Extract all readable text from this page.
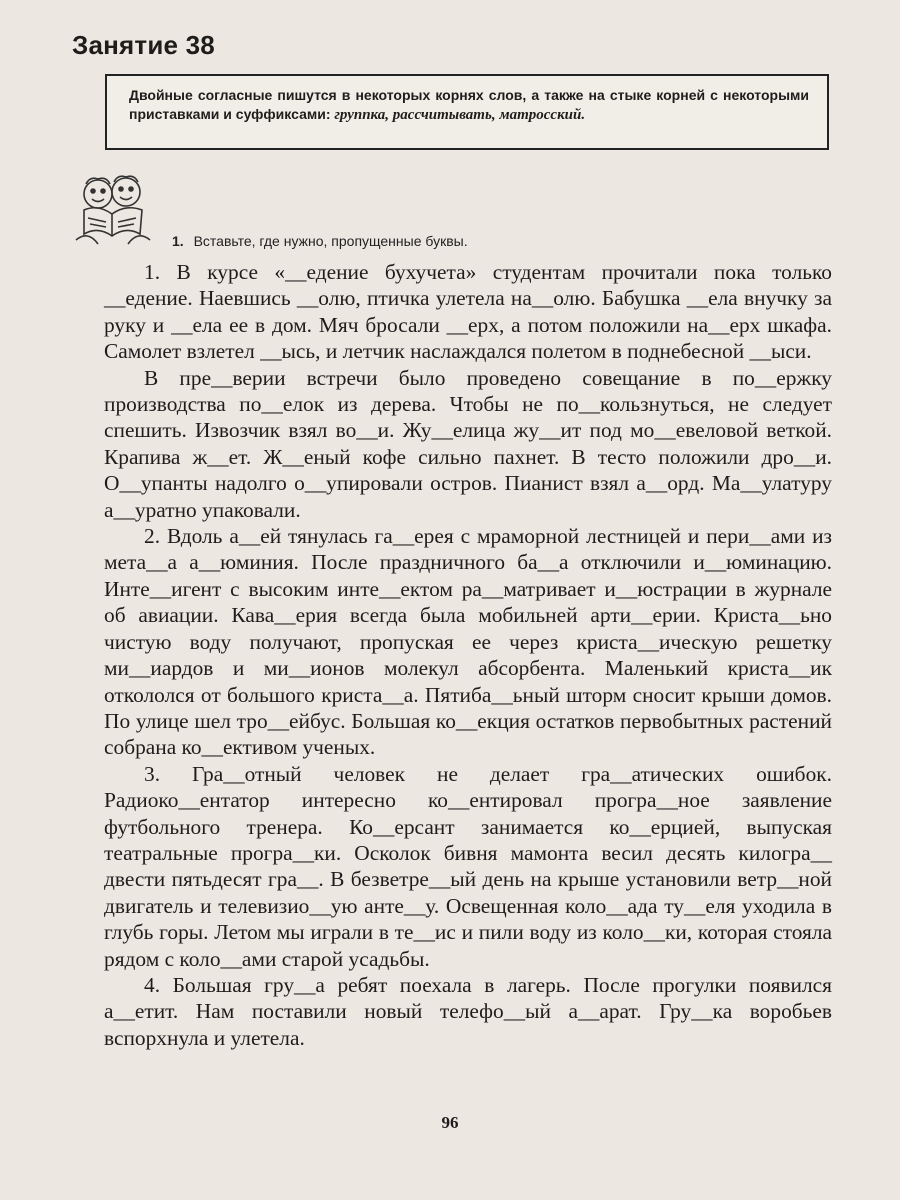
Занятие 38
Двойные согласные пишутся в некоторых корнях слов, а также на стыке корней с некоторыми приставками и суффиксами: группка, рассчитывать, матросский.
1. Вставьте, где нужно, пропущенные буквы.

1. В курсе «__едение бухучета» студентам прочитали пока только __едение. Наевшись __олю, птичка улетела на__олю. Бабушка __ела внучку за руку и __ела ее в дом. Мяч бросали __ерх, а потом положили на__ерх шкафа. Самолет взлетел __ысь, и летчик наслаждался полетом в поднебесной __ыси.

В пре__верии встречи было проведено совещание в по__ержку производства по__елок из дерева. Чтобы не по__кользнуться, не следует спешить. Извозчик взял во__и. Жу__елица жу__ит под мо__евеловой веткой. Крапива ж__ет. Ж__еный кофе сильно пахнет. В тесто положили дро__и. О__упанты надолго о__упировали остров. Пианист взял а__орд. Ма__улатуру а__уратно упаковали.

2. Вдоль а__ей тянулась га__ерея с мраморной лестницей и пери__ами из мета__а а__юминия. После праздничного ба__а отключили и__юминацию. Инте__игент с высоким инте__ектом ра__матривает и__юстрации в журнале об авиации. Кава__ерия всегда была мобильней арти__ерии. Криста__ьно чистую воду получают, пропуская ее через криста__ическую решетку ми__иардов и ми__ионов молекул абсорбента. Маленький криста__ик откололся от большого криста__а. Пятиба__ьный шторм сносит крыши домов. По улице шел тро__ейбус. Большая ко__екция остатков первобытных растений собрана ко__ективом ученых.

3. Гра__отный человек не делает гра__атических ошибок. Радиоко__ентатор интересно ко__ентировал програ__ное заявление футбольного тренера. Ко__ерсант занимается ко__ерцией, выпуская театральные програ__ки. Осколок бивня мамонта весил десять килогра__ двести пятьдесят гра__. В безветре__ый день на крыше установили ветр__ной двигатель и телевизио__ую анте__у. Освещенная коло__ада ту__еля уходила в глубь горы. Летом мы играли в те__ис и пили воду из коло__ки, которая стояла рядом с коло__ами старой усадьбы.

4. Большая гру__а ребят поехала в лагерь. После прогулки появился а__етит. Нам поставили новый телефо__ый а__арат. Гру__ка воробьев вспорхнула и улетела.

96
